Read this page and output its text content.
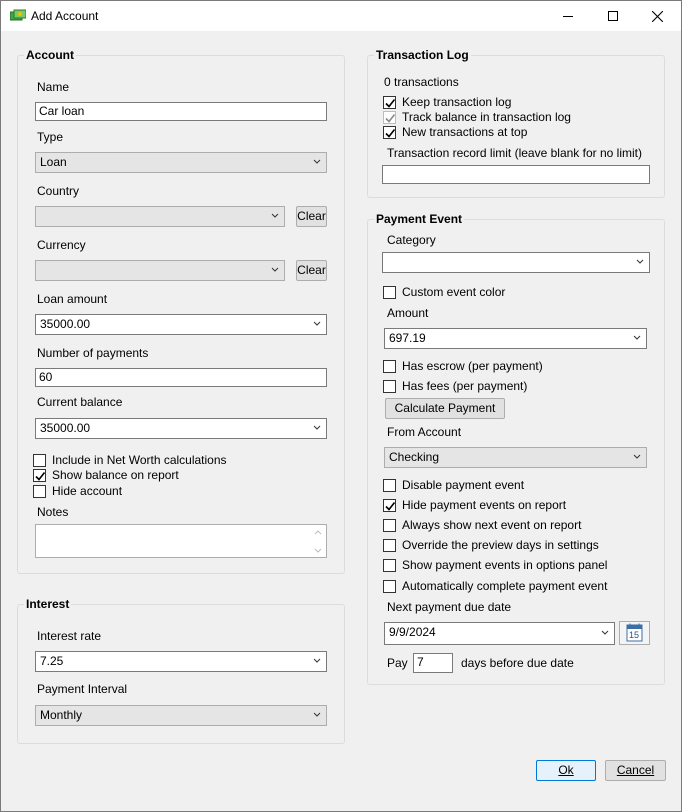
Add Account
Account
Name
Car loan
Type
Loan
Country
Clear
Currency
Clear
Loan amount
35000.00
Number of payments
60
Current balance
35000.00
Include in Net Worth calculations
Show balance on report
Hide account
Notes
Interest
Interest rate
7.25
Payment Interval
Monthly
Transaction Log
0 transactions
Keep transaction log
Track balance in transaction log
New transactions at top
Transaction record limit (leave blank for no limit)
Payment Event
Category
Custom event color
Amount
697.19
Has escrow (per payment)
Has fees (per payment)
Calculate Payment
From Account
Checking
Disable payment event
Hide payment events on report
Always show next event on report
Override the preview days in settings
Show payment events in options panel
Automatically complete payment event
Next payment due date
9/9/2024	15
Pay 7	days before due date
Ok	Cancel
